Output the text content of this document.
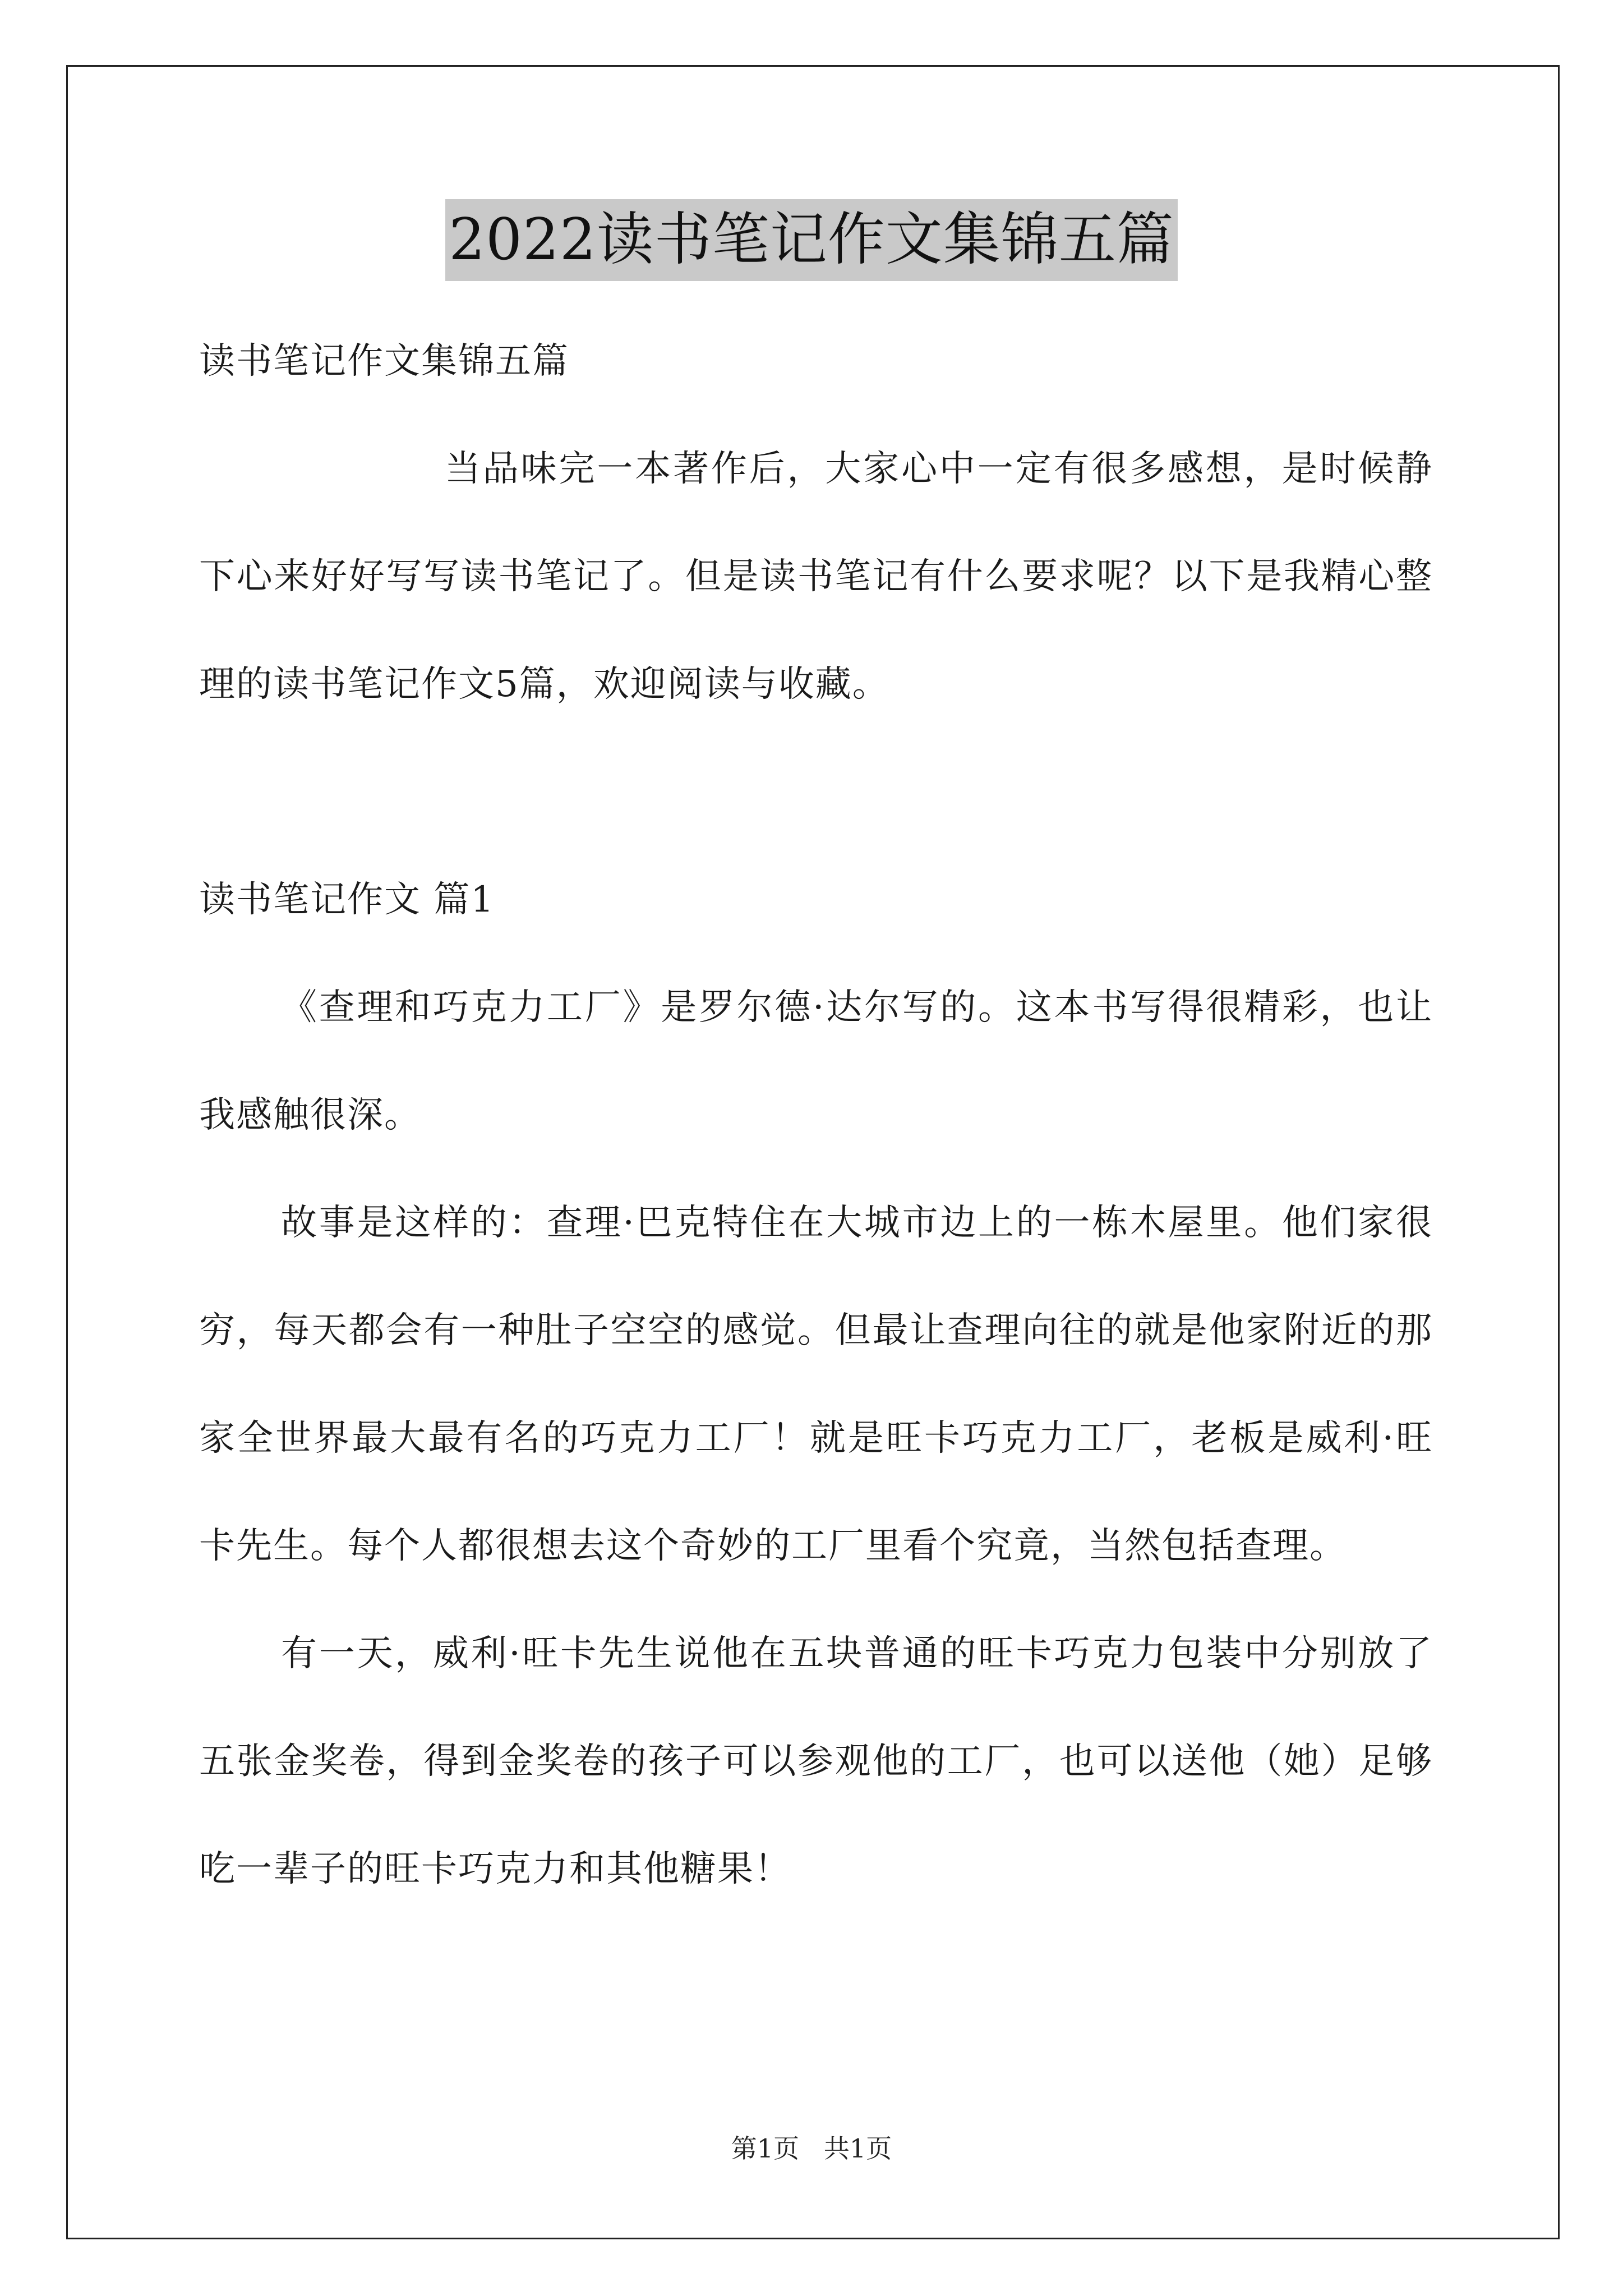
2022读书笔记作文集锦五篇

读书笔记作文集锦五篇

当品味完一本著作后，大家心中一定有很多感想，是时候静下心来好好写写读书笔记了。但是读书笔记有什么要求呢？以下是我精心整理的读书笔记作文5篇，欢迎阅读与收藏。

读书笔记作文 篇1

《查理和巧克力工厂》是罗尔德·达尔写的。这本书写得很精彩，也让我感触很深。

故事是这样的：查理·巴克特住在大城市边上的一栋木屋里。他们家很穷，每天都会有一种肚子空空的感觉。但最让查理向往的就是他家附近的那家全世界最大最有名的巧克力工厂！就是旺卡巧克力工厂，老板是威利·旺卡先生。每个人都很想去这个奇妙的工厂里看个究竟，当然包括查理。

有一天，威利·旺卡先生说他在五块普通的旺卡巧克力包装中分别放了五张金奖卷，得到金奖卷的孩子可以参观他的工厂，也可以送他（她）足够吃一辈子的旺卡巧克力和其他糖果！

第1页   共1页
